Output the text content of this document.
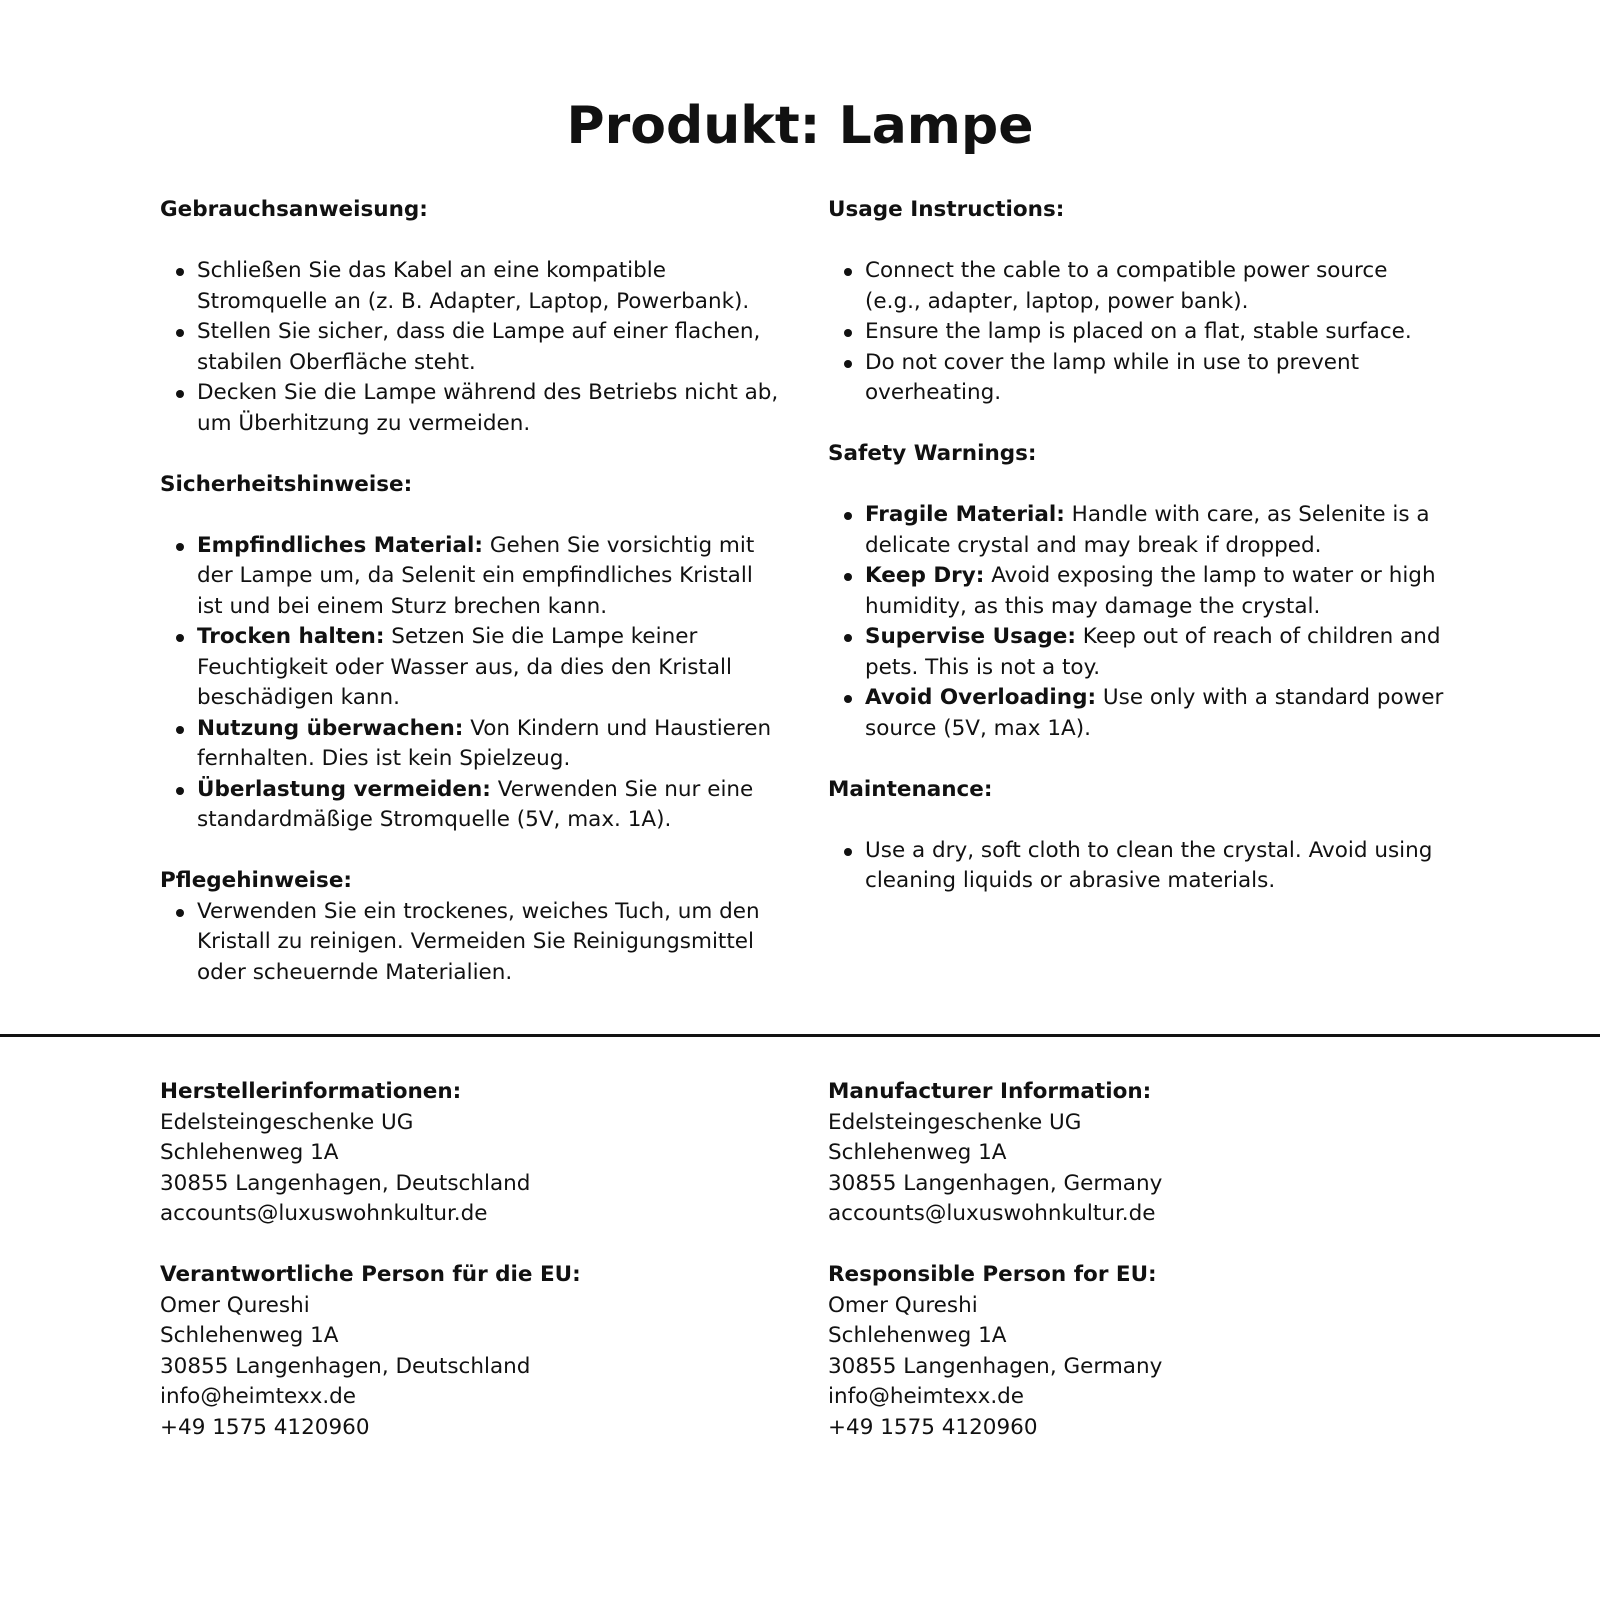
Produkt: Lampe
Gebrauchsanweisung:
Schließen Sie das Kabel an eine kompatible Stromquelle an (z. B. Adapter, Laptop, Powerbank).
Stellen Sie sicher, dass die Lampe auf einer flachen, stabilen Oberfläche steht.
Decken Sie die Lampe während des Betriebs nicht ab, um Überhitzung zu vermeiden.
Sicherheitshinweise:
Empfindliches Material: Gehen Sie vorsichtig mit der Lampe um, da Selenit ein empfindliches Kristall ist und bei einem Sturz brechen kann.
Trocken halten: Setzen Sie die Lampe keiner Feuchtigkeit oder Wasser aus, da dies den Kristall beschädigen kann.
Nutzung überwachen: Von Kindern und Haustieren fernhalten. Dies ist kein Spielzeug.
Überlastung vermeiden: Verwenden Sie nur eine standardmäßige Stromquelle (5V, max. 1A).
Pflegehinweise:
Verwenden Sie ein trockenes, weiches Tuch, um den Kristall zu reinigen. Vermeiden Sie Reinigungsmittel oder scheuernde Materialien.
Usage Instructions:
Connect the cable to a compatible power source (e.g., adapter, laptop, power bank).
Ensure the lamp is placed on a flat, stable surface.
Do not cover the lamp while in use to prevent overheating.
Safety Warnings:
Fragile Material: Handle with care, as Selenite is a delicate crystal and may break if dropped.
Keep Dry: Avoid exposing the lamp to water or high humidity, as this may damage the crystal.
Supervise Usage: Keep out of reach of children and pets. This is not a toy.
Avoid Overloading: Use only with a standard power source (5V, max 1A).
Maintenance:
Use a dry, soft cloth to clean the crystal. Avoid using cleaning liquids or abrasive materials.
Herstellerinformationen:
Edelsteingeschenke UG
Schlehenweg 1A
30855 Langenhagen, Deutschland
accounts@luxuswohnkultur.de
Verantwortliche Person für die EU:
Omer Qureshi
Schlehenweg 1A
30855 Langenhagen, Deutschland
info@heimtexx.de
+49 1575 4120960
Manufacturer Information:
Edelsteingeschenke UG
Schlehenweg 1A
30855 Langenhagen, Germany
accounts@luxuswohnkultur.de
Responsible Person for EU:
Omer Qureshi
Schlehenweg 1A
30855 Langenhagen, Germany
info@heimtexx.de
+49 1575 4120960
